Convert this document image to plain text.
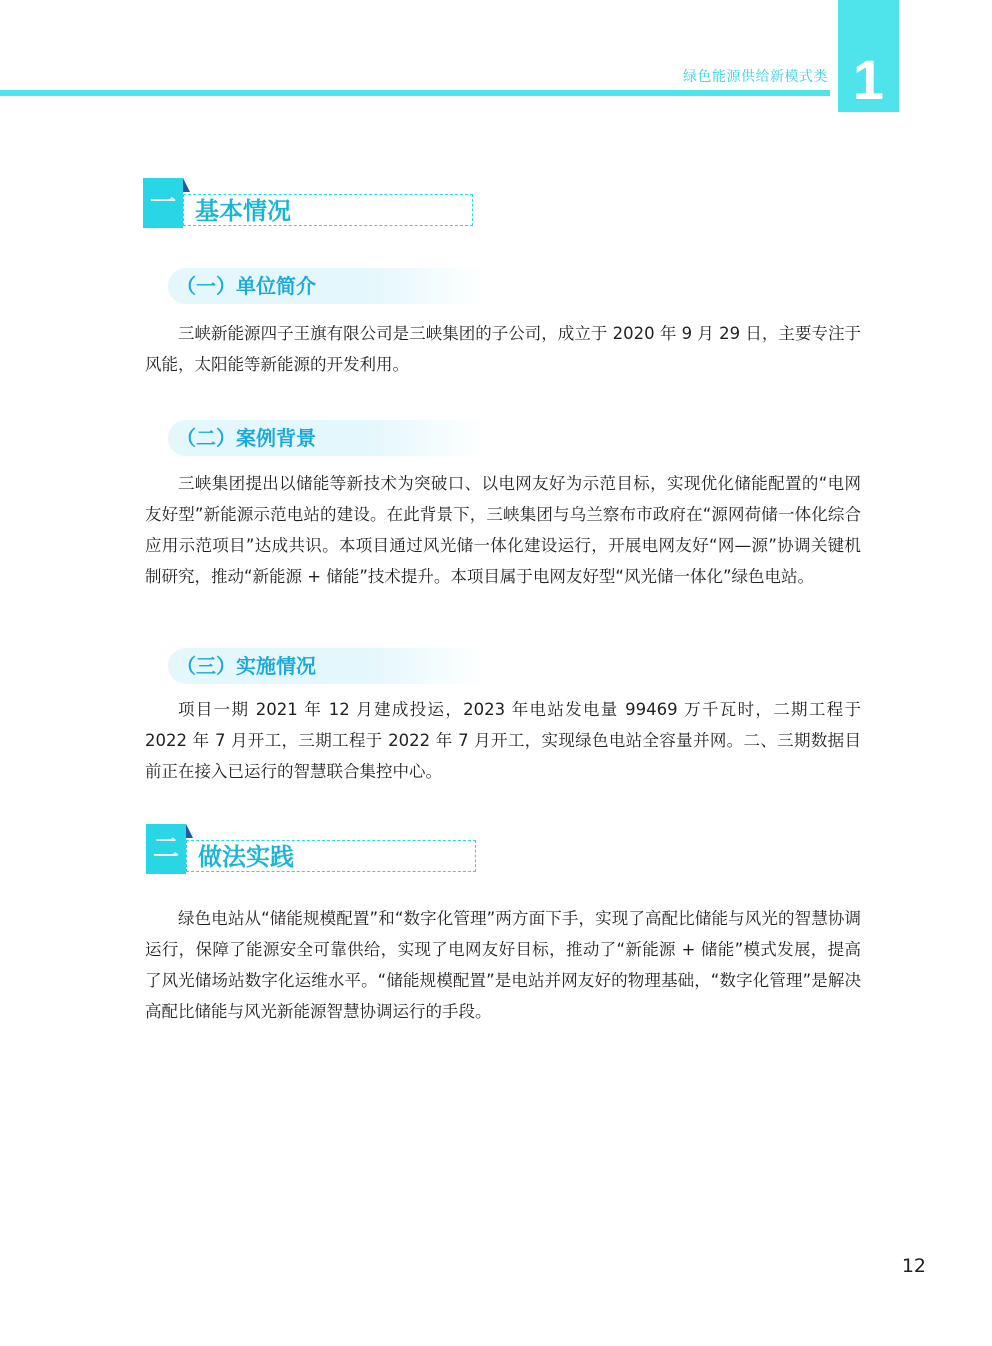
绿色能源供给新模式类 1
一 基本情况
（一）单位简介

三峡新能源四子王旗有限公司是三峡集团的子公司，成立于 2020 年 9 月 29 日，主要专注于风能，太阳能等新能源的开发利用。

（二）案例背景

三峡集团提出以储能等新技术为突破口、以电网友好为示范目标，实现优化储能配置的“电网友好型”新能源示范电站的建设。在此背景下，三峡集团与乌兰察布市政府在“源网荷储一体化综合应用示范项目”达成共识。本项目通过风光储一体化建设运行，开展电网友好“网—源”协调关键机制研究，推动“新能源 + 储能”技术提升。本项目属于电网友好型“风光储一体化”绿色电站。

（三）实施情况

项目一期 2021 年 12 月建成投运，2023 年电站发电量 99469 万千瓦时，二期工程于 2022 年 7 月开工，三期工程于 2022 年 7 月开工，实现绿色电站全容量并网。二、三期数据目前正在接入已运行的智慧联合集控中心。

二 做法实践

绿色电站从“储能规模配置”和“数字化管理”两方面下手，实现了高配比储能与风光的智慧协调运行，保障了能源安全可靠供给，实现了电网友好目标，推动了“新能源 + 储能”模式发展，提高了风光储场站数字化运维水平。“储能规模配置”是电站并网友好的物理基础，“数字化管理”是解决高配比储能与风光新能源智慧协调运行的手段。

12
